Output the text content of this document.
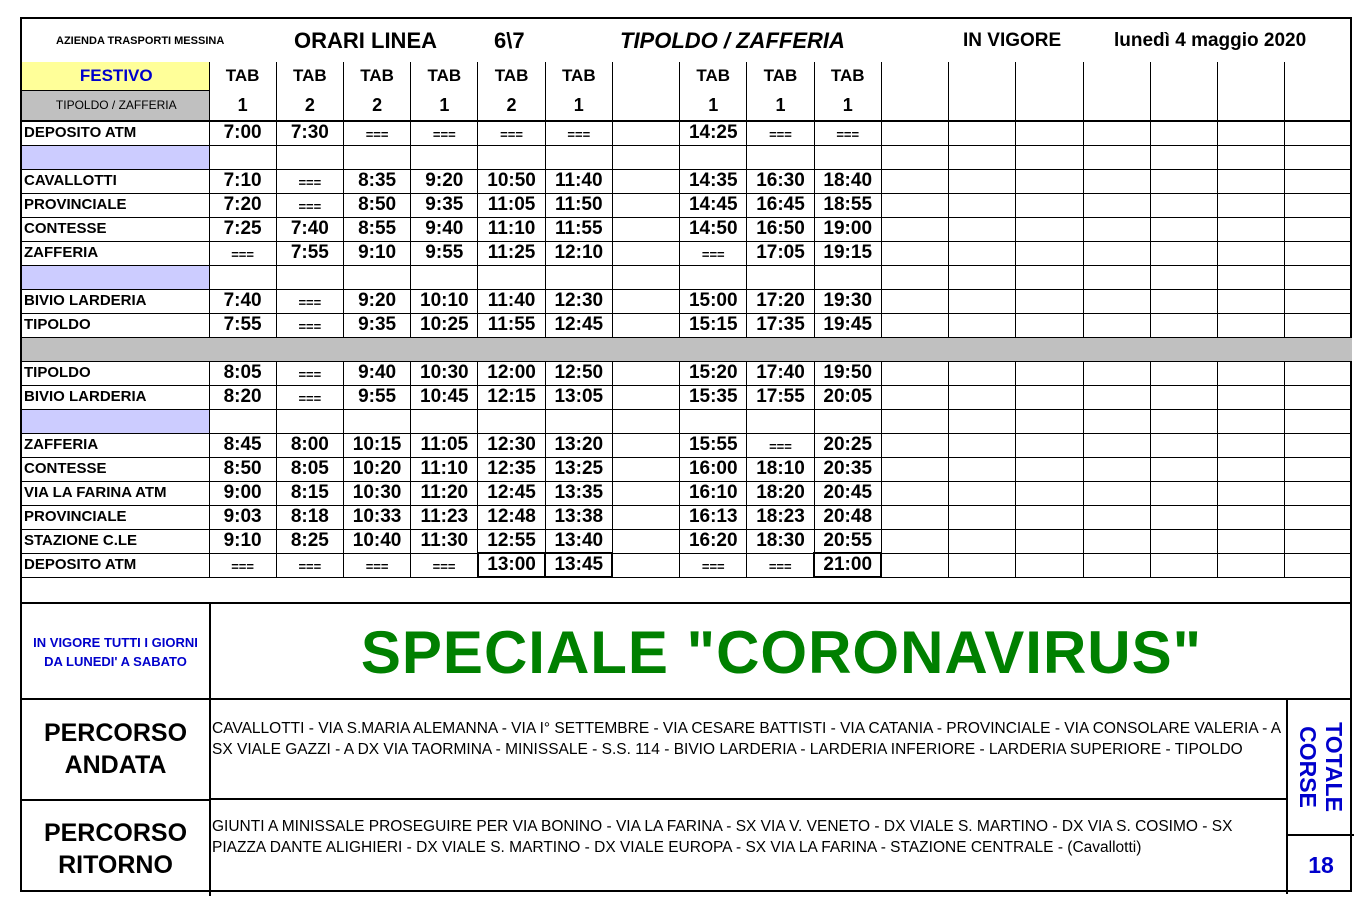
AZIENDA TRASPORTI MESSINA	ORARI LINEA	6\7	TIPOLDO / ZAFFERIA	IN VIGORE	lunedì 4 maggio 2020
FESTIVO	TAB	TAB	TAB	TAB	TAB	TAB		TAB	TAB	TAB							
TIPOLDO / ZAFFERIA	1	2	2	1	2	1		1	1	1							
DEPOSITO ATM	7:00	7:30	===	===	===	===		14:25	===	===							

CAVALLOTTI	7:10	===	8:35	9:20	10:50	11:40		14:35	16:30	18:40							
PROVINCIALE	7:20	===	8:50	9:35	11:05	11:50		14:45	16:45	18:55							
CONTESSE	7:25	7:40	8:55	9:40	11:10	11:55		14:50	16:50	19:00							
ZAFFERIA	===	7:55	9:10	9:55	11:25	12:10		===	17:05	19:15							

BIVIO LARDERIA	7:40	===	9:20	10:10	11:40	12:30		15:00	17:20	19:30							
TIPOLDO	7:55	===	9:35	10:25	11:55	12:45		15:15	17:35	19:45							

TIPOLDO	8:05	===	9:40	10:30	12:00	12:50		15:20	17:40	19:50							
BIVIO LARDERIA	8:20	===	9:55	10:45	12:15	13:05		15:35	17:55	20:05							

ZAFFERIA	8:45	8:00	10:15	11:05	12:30	13:20		15:55	===	20:25							
CONTESSE	8:50	8:05	10:20	11:10	12:35	13:25		16:00	18:10	20:35							
VIA LA FARINA ATM	9:00	8:15	10:30	11:20	12:45	13:35		16:10	18:20	20:45							
PROVINCIALE	9:03	8:18	10:33	11:23	12:48	13:38		16:13	18:23	20:48							
STAZIONE C.LE	9:10	8:25	10:40	11:30	12:55	13:40		16:20	18:30	20:55							
DEPOSITO ATM	===	===	===	===	13:00	13:45		===	===	21:00							
IN VIGORE TUTTI I GIORNI DA LUNEDI' A SABATO	SPECIALE "CORONAVIRUS"
PERCORSO ANDATA
CAVALLOTTI - VIA S.MARIA ALEMANNA - VIA I° SETTEMBRE - VIA CESARE BATTISTI - VIA CATANIA - PROVINCIALE - VIA CONSOLARE VALERIA - A SX VIALE GAZZI - A DX VIA TAORMINA - MINISSALE - S.S. 114 - BIVIO LARDERIA - LARDERIA INFERIORE - LARDERIA SUPERIORE - TIPOLDO
PERCORSO RITORNO
GIUNTI A MINISSALE PROSEGUIRE PER VIA BONINO - VIA LA FARINA - SX VIA V. VENETO - DX VIALE S. MARTINO - DX VIA S. COSIMO - SX PIAZZA DANTE ALIGHIERI - DX VIALE S. MARTINO - DX VIALE EUROPA - SX VIA LA FARINA - STAZIONE CENTRALE - (Cavallotti)
TOTALE
CORSE
18
